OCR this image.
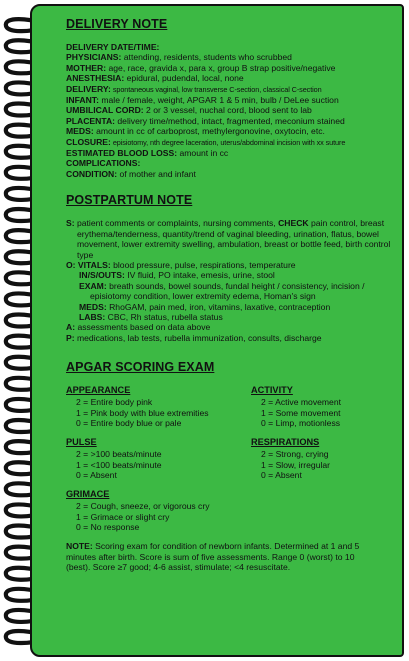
DELIVERY NOTE
DELIVERY DATE/TIME:
PHYSICIANS: attending, residents, students who scrubbed
MOTHER: age, race, gravida x, para x, group B strap positive/negative
ANESTHESIA: epidural, pudendal, local, none
DELIVERY: spontaneous vaginal, low transverse C-section, classical C-section
INFANT: male / female, weight, APGAR 1 & 5 min, bulb / DeLee suction
UMBILICAL CORD: 2 or 3 vessel, nuchal cord, blood sent to lab
PLACENTA: delivery time/method, intact, fragmented, meconium stained
MEDS: amount in cc of carboprost, methylergonovine, oxytocin, etc.
CLOSURE: episiotomy, nth degree laceration, uterus/abdominal incision with xx suture
ESTIMATED BLOOD LOSS: amount in cc
COMPLICATIONS:
CONDITION: of mother and infant
POSTPARTUM NOTE
S: patient comments or complaints, nursing comments, CHECK pain control, breast erythema/tenderness, quantity/trend of vaginal bleeding, urination, flatus, bowel movement, lower extremity swelling, ambulation, breast or bottle feed, birth control type
O: VITALS: blood pressure, pulse, respirations, temperature
IN/S/OUTS: IV fluid, PO intake, emesis, urine, stool
EXAM: breath sounds, bowel sounds, fundal height / consistency, incision / episiotomy condition, lower extremity edema, Homan's sign
MEDS: RhoGAM, pain med, iron, vitamins, laxative, contraception
LABS: CBC, Rh status, rubella status
A: assessments based on data above
P: medications, lab tests, rubella immunization, consults, discharge
APGAR SCORING EXAM
APPEARANCE
2 = Entire body pink
1 = Pink body with blue extremities
0 = Entire body blue or pale
ACTIVITY
2 = Active movement
1 = Some movement
0 = Limp, motionless
PULSE
2 = >100 beats/minute
1 = <100 beats/minute
0 = Absent
RESPIRATIONS
2 = Strong, crying
1 = Slow, irregular
0 = Absent
GRIMACE
2 = Cough, sneeze, or vigorous cry
1 = Grimace or slight cry
0 = No response
NOTE: Scoring exam for condition of newborn infants. Determined at 1 and 5 minutes after birth. Score is sum of five assessments. Range 0 (worst) to 10 (best). Score ≥7 good; 4-6 assist, stimulate; <4 resuscitate.
